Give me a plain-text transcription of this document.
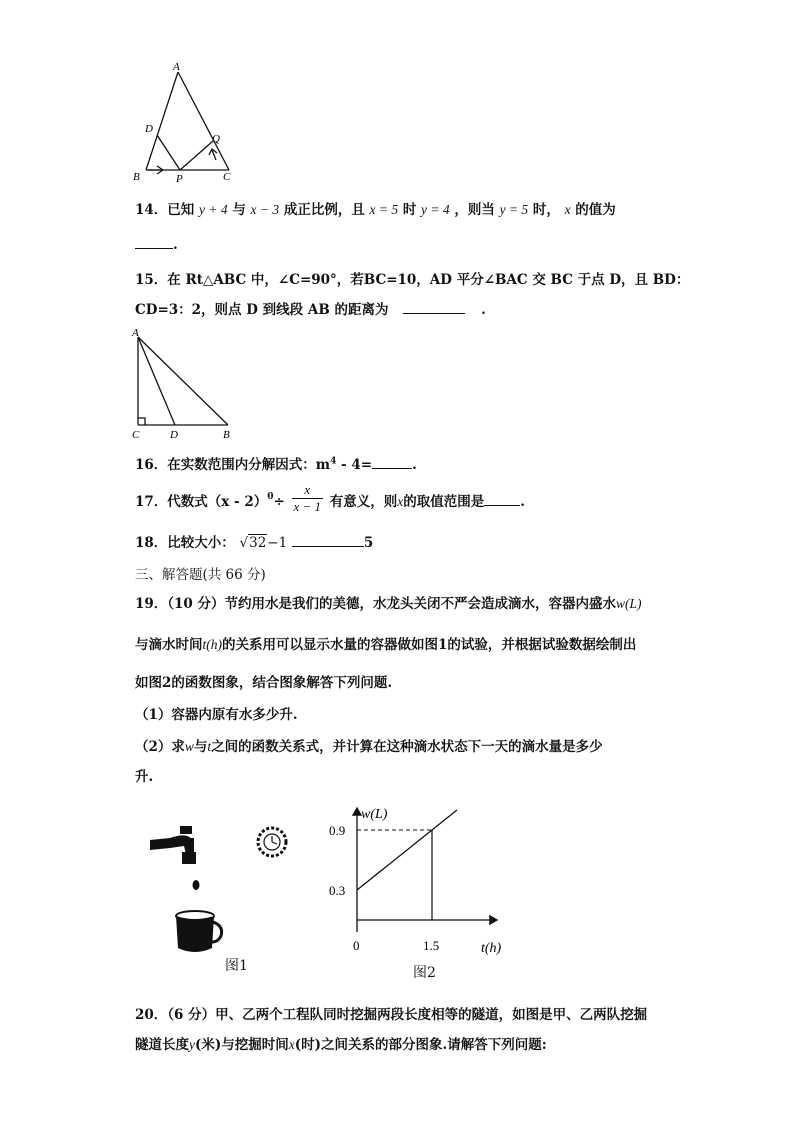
A
D
Q
B	P	C
14．已知 y + 4 与 x − 3 成正比例，且 x = 5 时 y = 4 ，则当 y = 5 时， x 的值为
.
15．在 Rt△ABC 中，∠C=90°，若BC=10，AD 平分∠BAC 交 BC 于点 D，且 BD：
CD=3：2，则点 D 到线段 AB 的距离为	.
A
C	D	B
16．在实数范围内分解因式：$m^4 - 4=$	.
17．代数式$(x - 2)^0\div \frac{x}{x - 1}$ 有意义，则x的取值范围是	.
18．比较大小： √32−1	5
三、解答题(共 66 分)
19．（10 分）节约用水是我们的美德，水龙头关闭不严会造成滴水，容器内盛水w(L)
与滴水时间t(h)的关系用可以显示水量的容器做如图1的试验，并根据试验数据绘制出
如图2的函数图象，结合图象解答下列问题.
（1）容器内原有水多少升.
（2）求w与t之间的函数关系式，并计算在这种滴水状态下一天的滴水量是多少
升.
图1
w(L)
t(h)
0
0.9
0.3
1.5
图2
20．（6 分）甲、乙两个工程队同时挖掘两段长度相等的隧道，如图是甲、乙两队挖掘
隧道长度y(米)与挖掘时间x(时)之间关系的部分图象.请解答下列问题:
